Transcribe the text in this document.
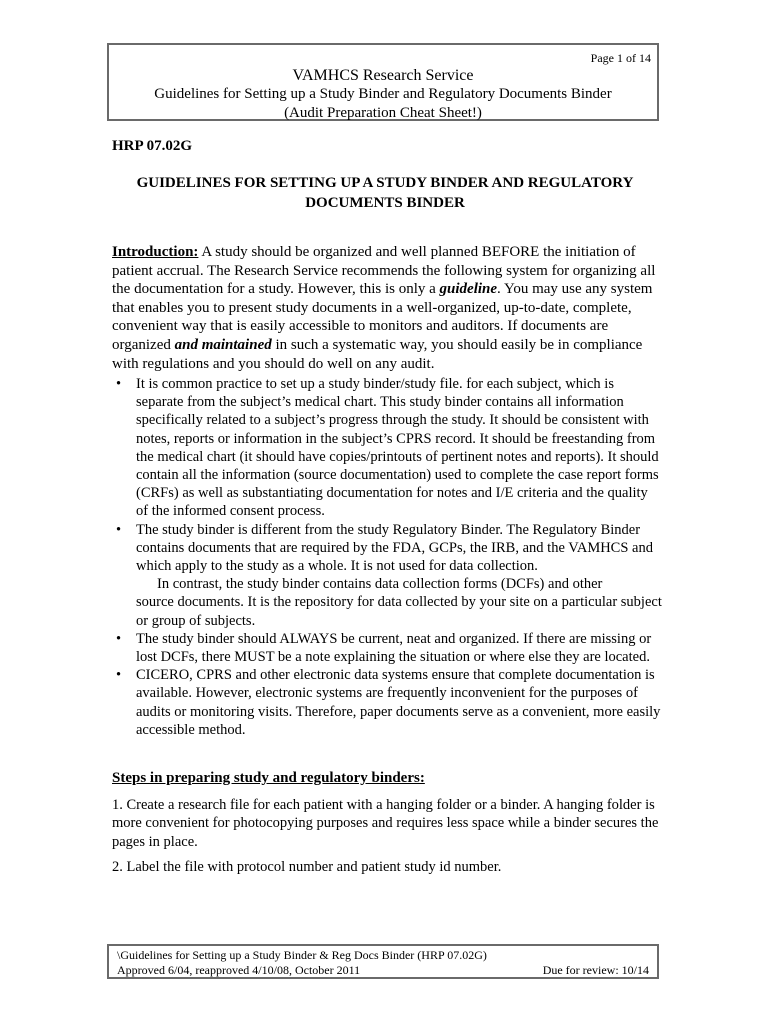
Page 1 of 14
VAMHCS Research Service
Guidelines for Setting up a Study Binder and Regulatory Documents Binder
(Audit Preparation Cheat Sheet!)
HRP 07.02G
GUIDELINES FOR SETTING UP A STUDY BINDER AND REGULATORY
DOCUMENTS BINDER
Introduction: A study should be organized and well planned BEFORE the initiation of patient accrual. The Research Service recommends the following system for organizing all the documentation for a study. However, this is only a guideline. You may use any system that enables you to present study documents in a well-organized, up-to-date, complete, convenient way that is easily accessible to monitors and auditors. If documents are organized and maintained in such a systematic way, you should easily be in compliance with regulations and you should do well on any audit.
• It is common practice to set up a study binder/study file. for each subject, which is separate from the subject’s medical chart. This study binder contains all information specifically related to a subject’s progress through the study. It should be consistent with notes, reports or information in the subject’s CPRS record. It should be freestanding from the medical chart (it should have copies/printouts of pertinent notes and reports). It should contain all the information (source documentation) used to complete the case report forms (CRFs) as well as substantiating documentation for notes and I/E criteria and the quality of the informed consent process.
• The study binder is different from the study Regulatory Binder. The Regulatory Binder contains documents that are required by the FDA, GCPs, the IRB, and the VAMHCS and which apply to the study as a whole. It is not used for data collection.
In contrast, the study binder contains data collection forms (DCFs) and other
source documents. It is the repository for data collected by your site on a particular subject or group of subjects.
• The study binder should ALWAYS be current, neat and organized. If there are missing or lost DCFs, there MUST be a note explaining the situation or where else they are located.
• CICERO, CPRS and other electronic data systems ensure that complete documentation is available. However, electronic systems are frequently inconvenient for the purposes of audits or monitoring visits. Therefore, paper documents serve as a convenient, more easily accessible method.
Steps in preparing study and regulatory binders:
1. Create a research file for each patient with a hanging folder or a binder. A hanging folder is more convenient for photocopying purposes and requires less space while a binder secures the pages in place.
2. Label the file with protocol number and patient study id number.
\Guidelines for Setting up a Study Binder & Reg Docs Binder (HRP 07.02G)
Approved 6/04, reapproved 4/10/08, October 2011	Due for review: 10/14
